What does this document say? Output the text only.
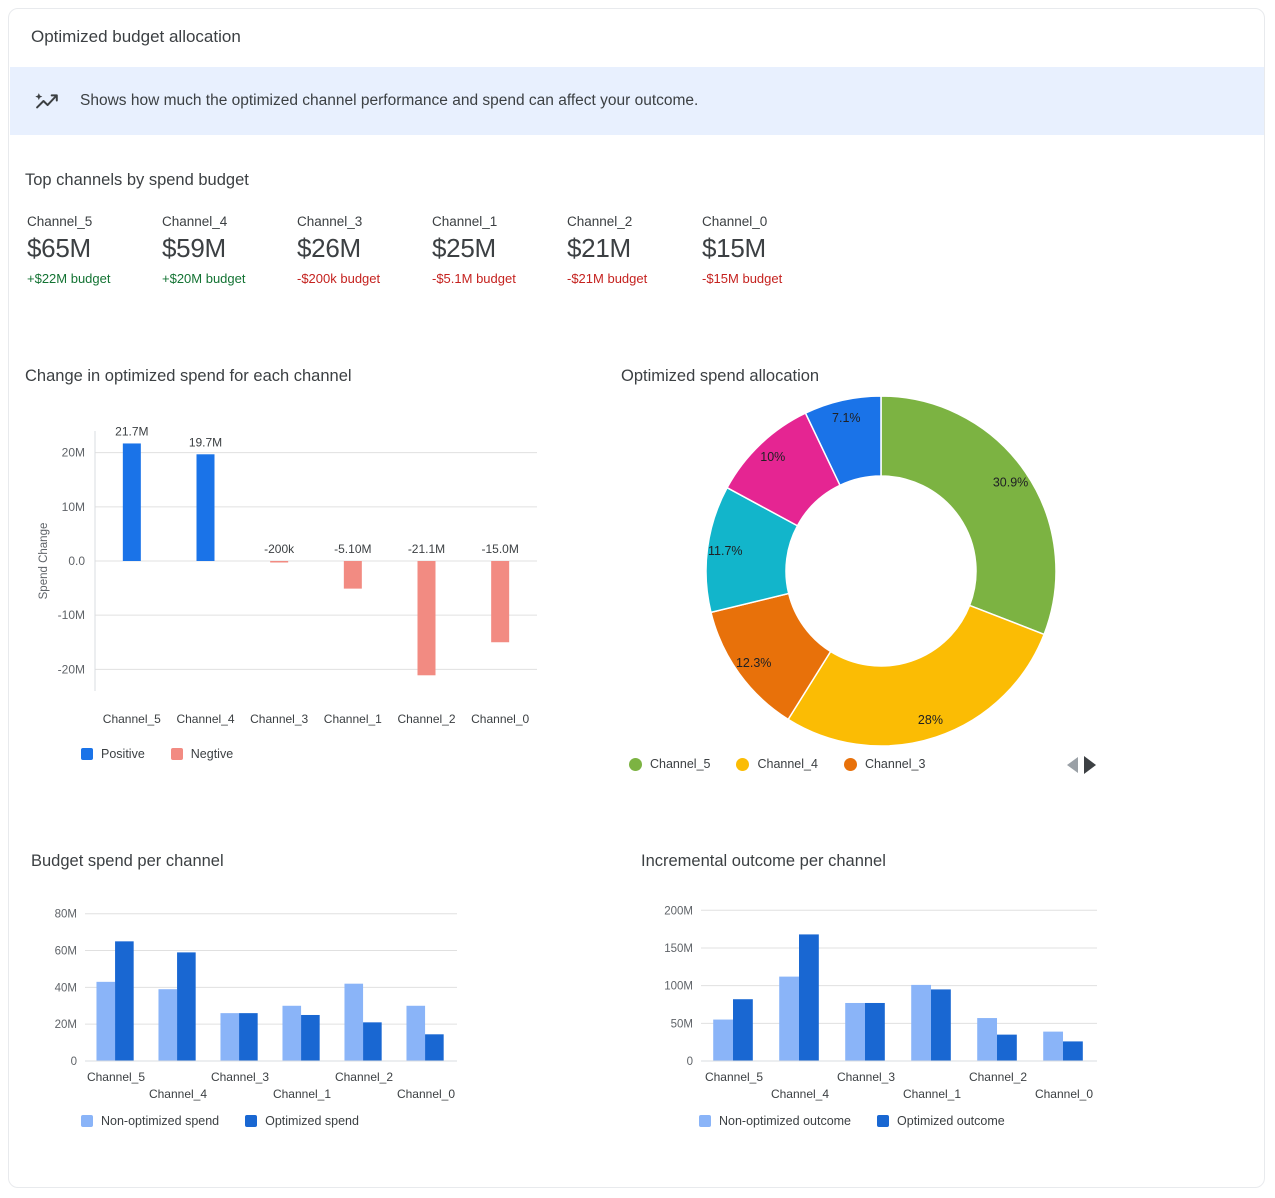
Optimized budget allocation
Shows how much the optimized channel performance and spend can affect your outcome.
Top channels by spend budget
Channel_5
$65M
+$22M budget
Channel_4
$59M
+$20M budget
Channel_3
$26M
-$200k budget
Channel_1
$25M
-$5.1M budget
Channel_2
$21M
-$21M budget
Channel_0
$15M
-$15M budget
Change in optimized spend for each channel
20M
10M
0.0
-10M
-20M
21.7M
19.7M
-200k	-5.10M	-21.1M	-15.0M
Channel_5 Channel_4 Channel_3 Channel_1 Channel_2 Channel_0
Spend Change
Positive	Negtive
Optimized spend allocation
30.9%
28%
12.3%
11.7%
10%
7.1%
Channel_5	Channel_4	Channel_3
Budget spend per channel
0
20M
40M
60M
80M
Channel_5
Channel_4
Channel_3
Channel_1
Channel_2
Channel_0
Non-optimized spend	Optimized spend
Incremental outcome per channel
0
50M
100M
150M
200M
Channel_5
Channel_4
Channel_3
Channel_1
Channel_2
Channel_0
Non-optimized outcome	Optimized outcome
